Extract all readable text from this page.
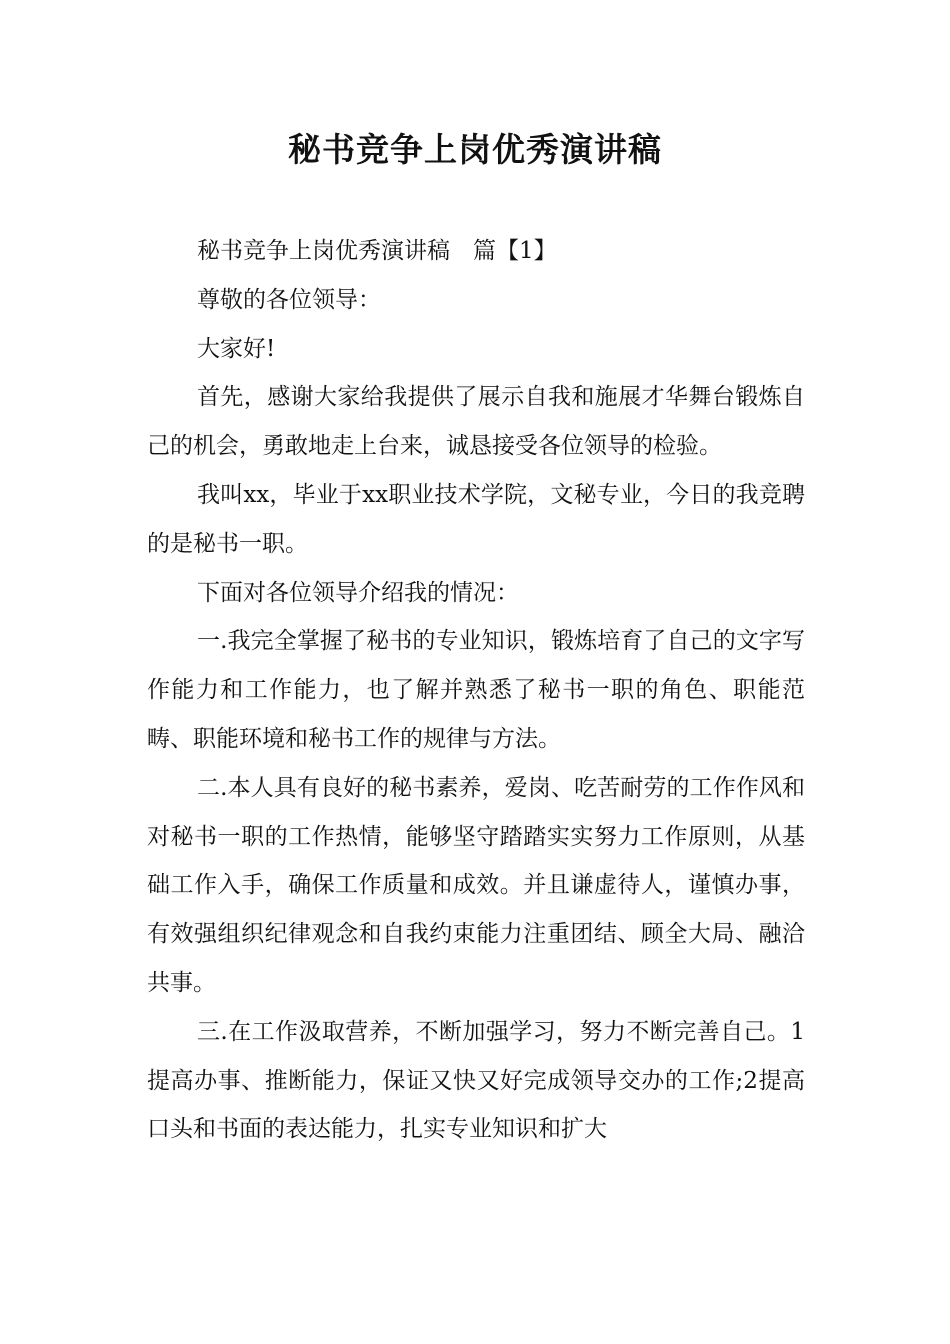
秘书竞争上岗优秀演讲稿

秘书竞争上岗优秀演讲稿　篇【1】

尊敬的各位领导：

大家好!

首先，感谢大家给我提供了展示自我和施展才华舞台锻炼自己的机会，勇敢地走上台来，诚恳接受各位领导的检验。

我叫xx，毕业于xx职业技术学院，文秘专业，今日的我竞聘的是秘书一职。

下面对各位领导介绍我的情况：

一.我完全掌握了秘书的专业知识，锻炼培育了自己的文字写作能力和工作能力，也了解并熟悉了秘书一职的角色、职能范畴、职能环境和秘书工作的规律与方法。

二.本人具有良好的秘书素养，爱岗、吃苦耐劳的工作作风和对秘书一职的工作热情，能够坚守踏踏实实努力工作原则，从基础工作入手，确保工作质量和成效。并且谦虚待人，谨慎办事，有效强组织纪律观念和自我约束能力注重团结、顾全大局、融洽共事。

三.在工作汲取营养，不断加强学习，努力不断完善自己。1提高办事、推断能力，保证又快又好完成领导交办的工作;2提高口头和书面的表达能力，扎实专业知识和扩大
